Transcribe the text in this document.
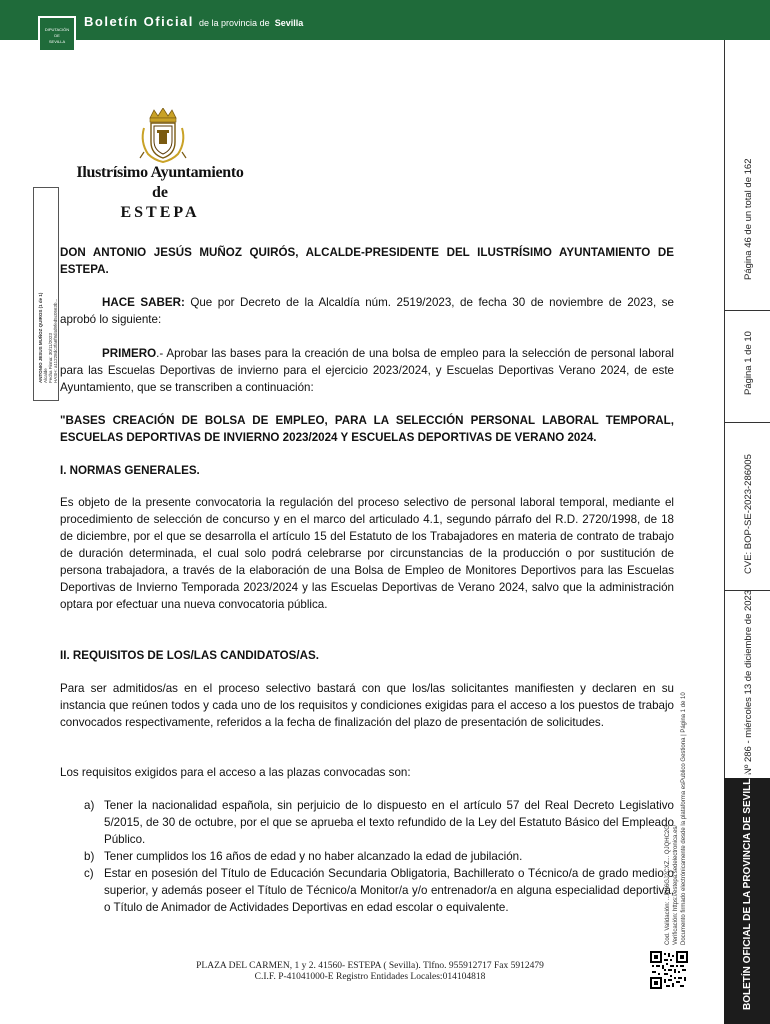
Boletín Oficial de la provincia de Sevilla
DIPUTACIÓN
DE
SEVILLA
Página 46 de un total de 162
Página 1 de 10
CVE: BOP-SE-2023-286005
Nº 286 - miércoles 13 de diciembre de 2023
BOLETÍN OFICIAL DE LA PROVINCIA DE SEVILLA
ANTONIO JESUS MUÑOZ QUIROS (1 de 1) Alcalde Fecha Firma: 30/11/2023 HASH: a11228dc3fa6f8d4d9fed5c0563b...
Ilustrísimo Ayuntamiento
de
ESTEPA
DON ANTONIO JESÚS MUÑOZ QUIRÓS, ALCALDE-PRESIDENTE DEL ILUSTRÍSIMO AYUNTAMIENTO DE ESTEPA.
HACE SABER: Que por Decreto de la Alcaldía núm. 2519/2023, de fecha 30 de noviembre de 2023, se aprobó lo siguiente:
PRIMERO.- Aprobar las bases para la creación de una bolsa de empleo para la selección de personal laboral para las Escuelas Deportivas de invierno para el ejercicio 2023/2024, y Escuelas Deportivas Verano 2024, de este Ayuntamiento, que se transcriben a continuación:
"BASES CREACIÓN DE BOLSA DE EMPLEO, PARA LA SELECCIÓN PERSONAL LABORAL TEMPORAL, ESCUELAS DEPORTIVAS DE INVIERNO 2023/2024 Y ESCUELAS DEPORTIVAS DE VERANO 2024.
I. NORMAS GENERALES.
Es objeto de la presente convocatoria la regulación del proceso selectivo de personal laboral temporal, mediante el procedimiento de selección de concurso y en el marco del articulado 4.1, segundo párrafo del R.D. 2720/1998, de 18 de diciembre, por el que se desarrolla el artículo 15 del Estatuto de los Trabajadores en materia de contrato de trabajo de duración determinada, el cual solo podrá celebrarse por circunstancias de la producción o por sustitución de persona trabajadora, a través de la elaboración de una Bolsa de Empleo de Monitores Deportivos para las Escuelas Deportivas de Invierno Temporada 2023/2024 y las Escuelas Deportivas de Verano 2024, salvo que la administración optara por efectuar una nueva convocatoria pública.
II. REQUISITOS DE LOS/LAS CANDIDATOS/AS.
Para ser admitidos/as en el proceso selectivo bastará con que los/las solicitantes manifiesten y declaren en su instancia que reúnen todos y cada uno de los requisitos y condiciones exigidas para el acceso a los puestos de trabajo convocados respectivamente, referidos a la fecha de finalización del plazo de presentación de solicitudes.
Los requisitos exigidos para el acceso a las plazas convocadas son:
a) Tener la nacionalidad española, sin perjuicio de lo dispuesto en el artículo 57 del Real Decreto Legislativo 5/2015, de 30 de octubre, por el que se aprueba el texto refundido de la Ley del Estatuto Básico del Empleado Público.
b) Tener cumplidos los 16 años de edad y no haber alcanzado la edad de jubilación.
c) Estar en posesión del Título de Educación Secundaria Obligatoria, Bachillerato o Técnico/a de grado medio o superior, y además poseer el Título de Técnico/a Monitor/a y/o entrenador/a en alguna especialidad deportiva, o Título de Animador de Actividades Deportivas en edad escolar o equivalente.	Cod. Validación: ...PK6GJ2CXZ... QJQHC2G Verificación: https://estepa.sedelectronica.es/ Documento firmado electrónicamente desde la plataforma esPublico Gestiona | Página 1 de 10
PLAZA DEL CARMEN, 1 y 2. 41560- ESTEPA ( Sevilla). Tlfno. 955912717 Fax 5912479
C.I.F. P-41041000-E Registro Entidades Locales:014104818
